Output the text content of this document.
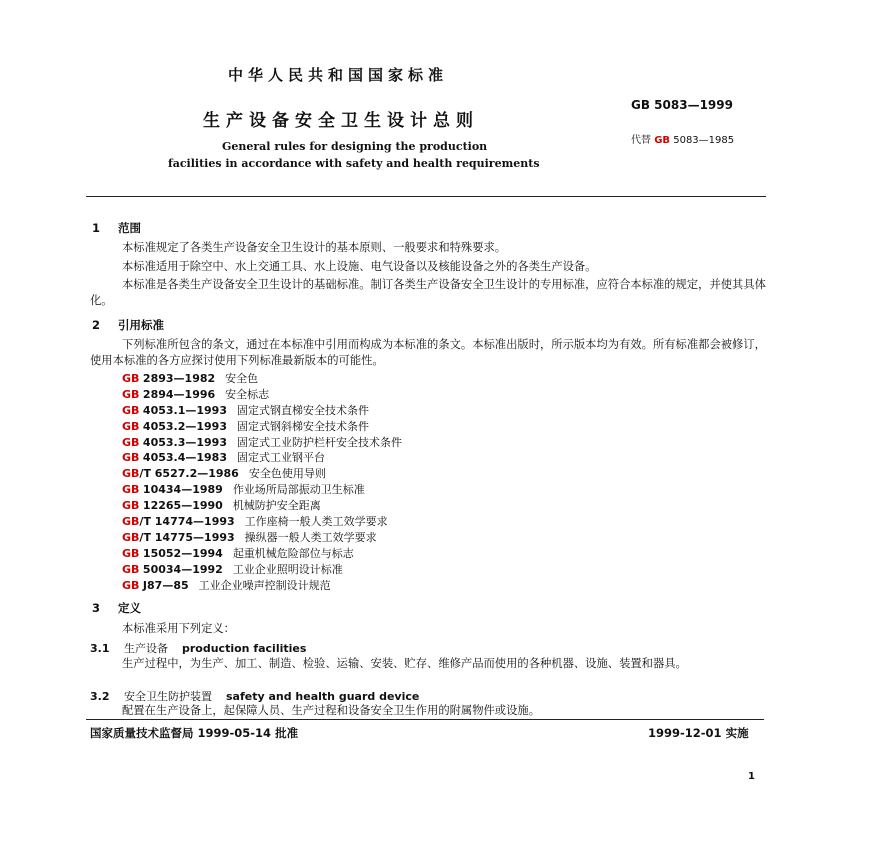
中华人民共和国国家标准
生产设备安全卫生设计总则
General rules for designing the production
facilities in accordance with safety and health requirements
GB 5083—1999
代替 GB 5083—1985
1 范围
本标准规定了各类生产设备安全卫生设计的基本原则、一般要求和特殊要求。
本标准适用于除空中、水上交通工具、水上设施、电气设备以及核能设备之外的各类生产设备。
本标准是各类生产设备安全卫生设计的基础标准。制订各类生产设备安全卫生设计的专用标准，应符合本标准的规定，并使其具体化。
2 引用标准
下列标准所包含的条文，通过在本标准中引用而构成为本标准的条文。本标准出版时，所示版本均为有效。所有标准都会被修订，使用本标准的各方应探讨使用下列标准最新版本的可能性。
GB 2893—1982 安全色
GB 2894—1996 安全标志
GB 4053.1—1993 固定式钢直梯安全技术条件
GB 4053.2—1993 固定式钢斜梯安全技术条件
GB 4053.3—1993 固定式工业防护栏杆安全技术条件
GB 4053.4—1983 固定式工业钢平台
GB/T 6527.2—1986 安全色使用导则
GB 10434—1989 作业场所局部振动卫生标准
GB 12265—1990 机械防护安全距离
GB/T 14774—1993 工作座椅一般人类工效学要求
GB/T 14775—1993 操纵器一般人类工效学要求
GB 15052—1994 起重机械危险部位与标志
GB 50034—1992 工业企业照明设计标准
GB J87—85 工业企业噪声控制设计规范
3 定义
本标准采用下列定义：
3.1 生产设备 production facilities
生产过程中，为生产、加工、制造、检验、运输、安装、贮存、维修产品而使用的各种机器、设施、装置和器具。
3.2 安全卫生防护装置 safety and health guard device
配置在生产设备上，起保障人员、生产过程和设备安全卫生作用的附属物件或设施。
国家质量技术监督局 1999-05-14 批准	1999-12-01 实施
1
